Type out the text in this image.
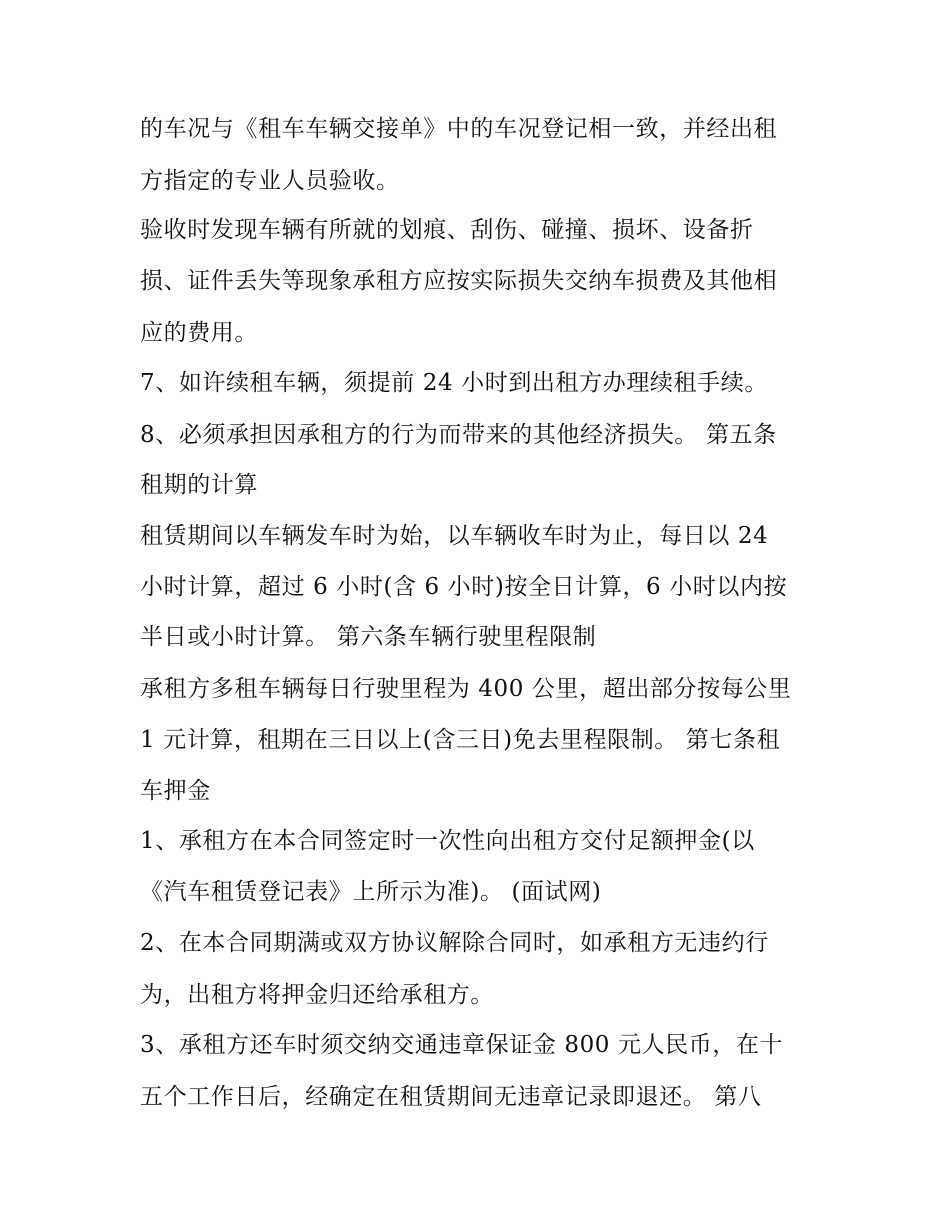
的车况与《租车车辆交接单》中的车况登记相一致，并经出租
方指定的专业人员验收。
验收时发现车辆有所就的划痕、刮伤、碰撞、损坏、设备折
损、证件丢失等现象承租方应按实际损失交纳车损费及其他相
应的费用。
7、如许续租车辆，须提前 24 小时到出租方办理续租手续。
8、必须承担因承租方的行为而带来的其他经济损失。 第五条
租期的计算
租赁期间以车辆发车时为始，以车辆收车时为止，每日以 24
小时计算，超过 6 小时(含 6 小时)按全日计算，6 小时以内按
半日或小时计算。 第六条车辆行驶里程限制
承租方多租车辆每日行驶里程为 400 公里，超出部分按每公里
1 元计算，租期在三日以上(含三日)免去里程限制。 第七条租
车押金
1、承租方在本合同签定时一次性向出租方交付足额押金(以
《汽车租赁登记表》上所示为准)。 (面试网)
2、在本合同期满或双方协议解除合同时，如承租方无违约行
为，出租方将押金归还给承租方。
3、承租方还车时须交纳交通违章保证金 800 元人民币，在十
五个工作日后，经确定在租赁期间无违章记录即退还。 第八
